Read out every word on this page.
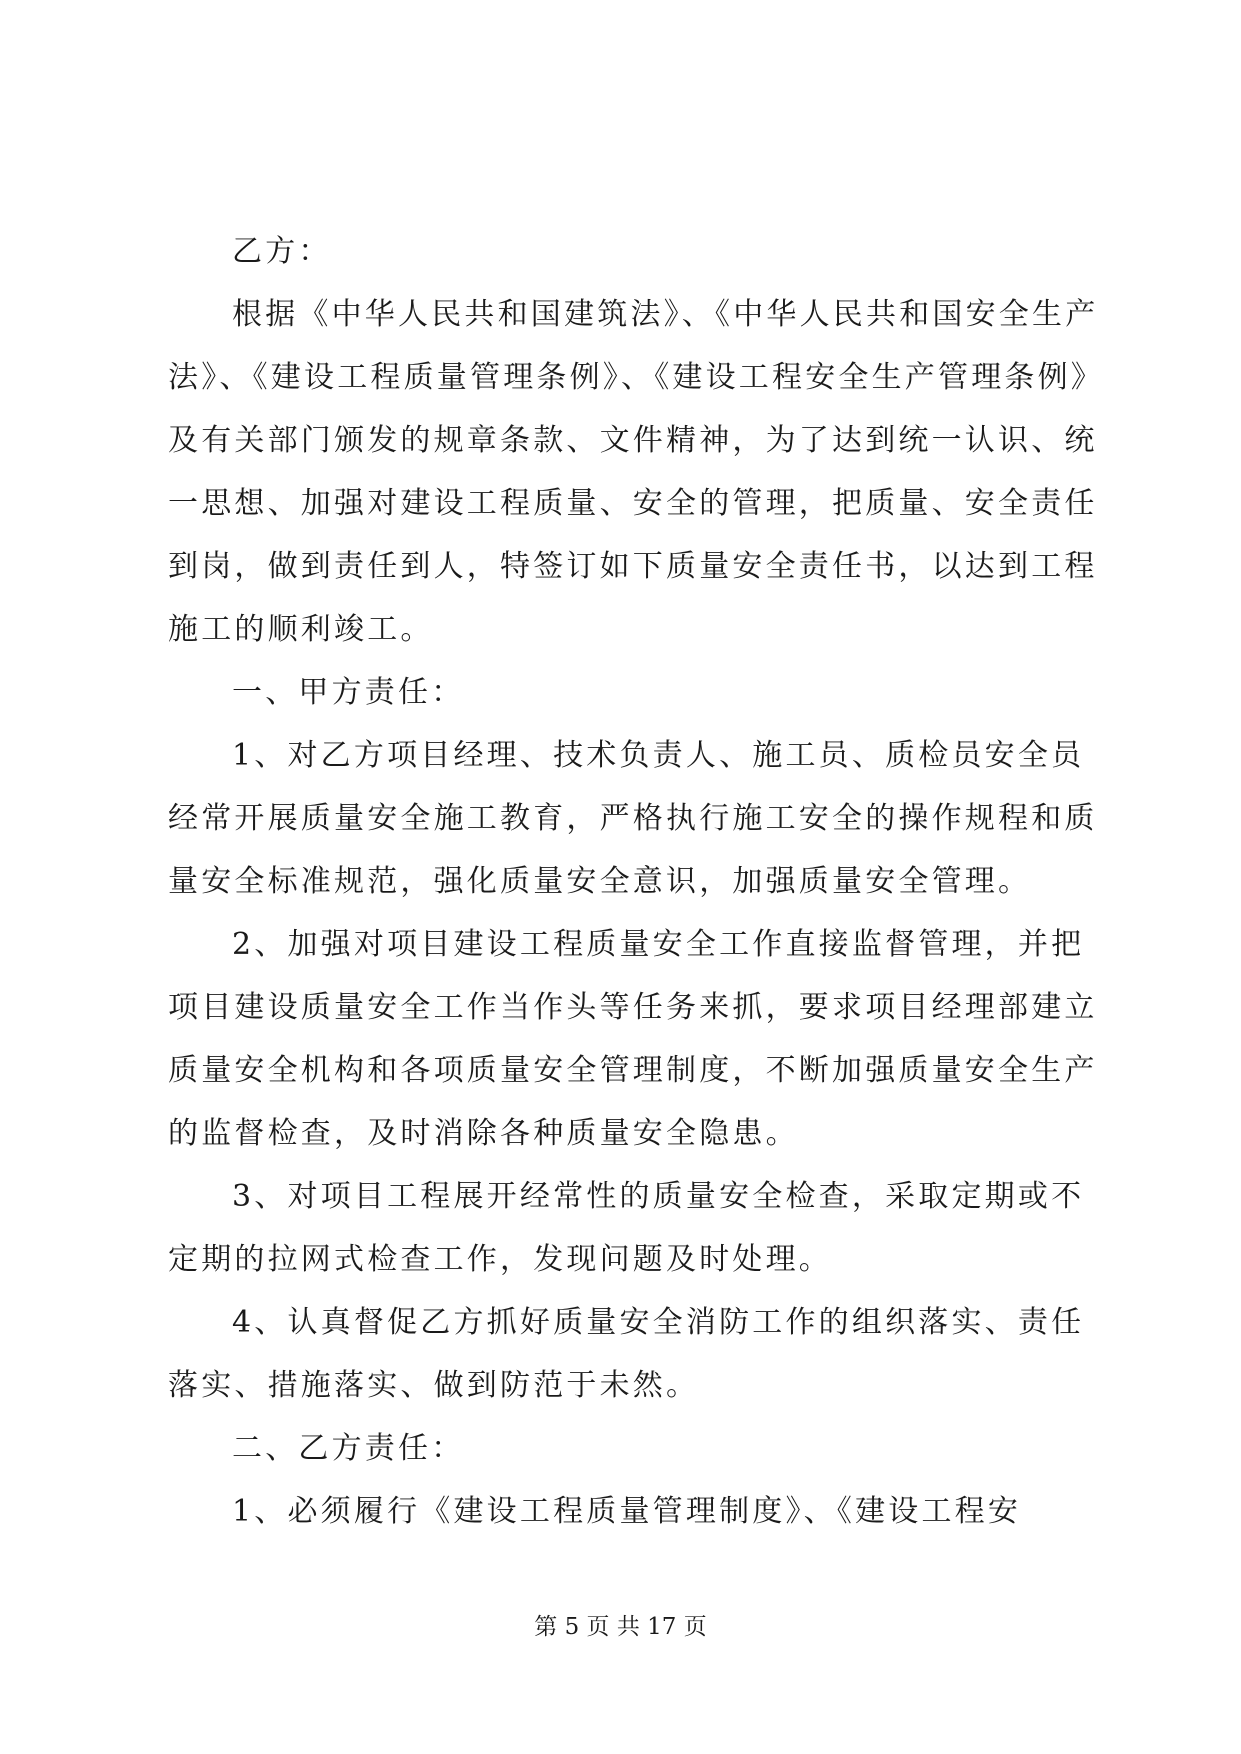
乙方：
根据《中华人民共和国建筑法》、《中华人民共和国安全生产
法》、《建设工程质量管理条例》、《建设工程安全生产管理条例》
及有关部门颁发的规章条款、文件精神，为了达到统一认识、统
一思想、加强对建设工程质量、安全的管理，把质量、安全责任
到岗，做到责任到人，特签订如下质量安全责任书，以达到工程
施工的顺利竣工。
一、甲方责任：
1、对乙方项目经理、技术负责人、施工员、质检员安全员
经常开展质量安全施工教育，严格执行施工安全的操作规程和质
量安全标准规范，强化质量安全意识，加强质量安全管理。
2、加强对项目建设工程质量安全工作直接监督管理，并把
项目建设质量安全工作当作头等任务来抓，要求项目经理部建立
质量安全机构和各项质量安全管理制度，不断加强质量安全生产
的监督检查，及时消除各种质量安全隐患。
3、对项目工程展开经常性的质量安全检查，采取定期或不
定期的拉网式检查工作，发现问题及时处理。
4、认真督促乙方抓好质量安全消防工作的组织落实、责任
落实、措施落实、做到防范于未然。
二、乙方责任：
1、必须履行《建设工程质量管理制度》、《建设工程安
第 5 页 共 17 页
